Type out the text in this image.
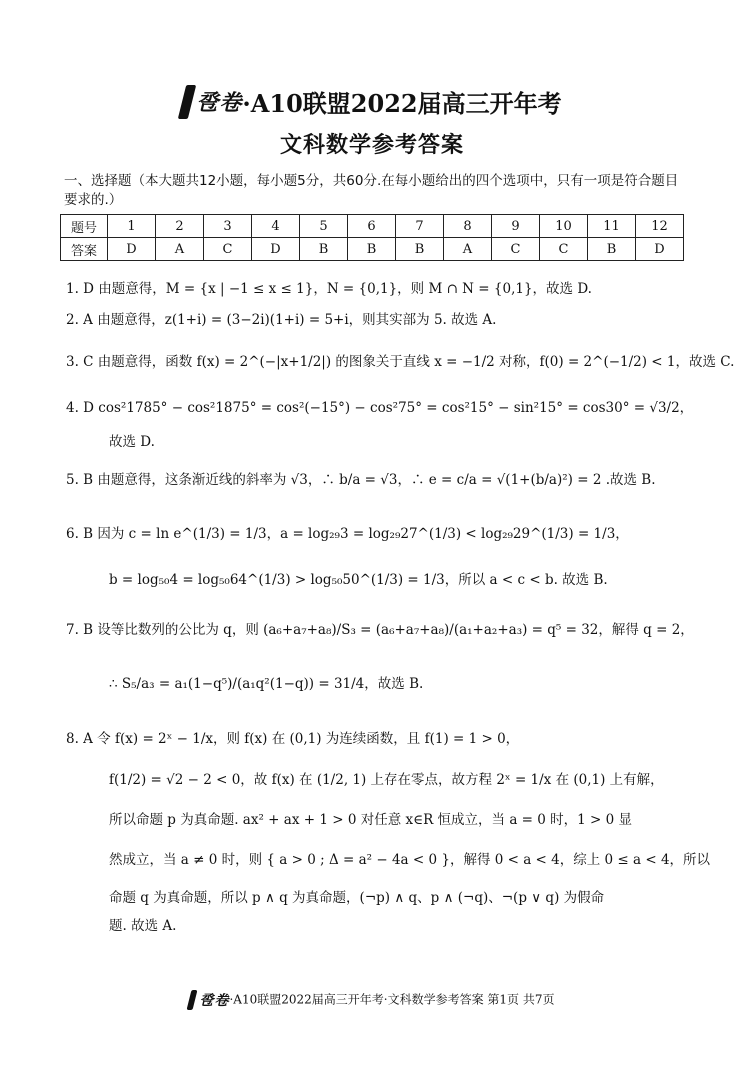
卺卷 ·A10联盟2022届高三开年考
文科数学参考答案
一、选择题（本大题共12小题，每小题5分，共60分.在每小题给出的四个选项中，只有一项是符合题目要求的.）
题号	1	2	3	4	5	6	7	8	9	10	11	12
答案	D	A	C	D	B	B	B	A	C	C	B	D
1. D 由题意得，M = {x | −1 ≤ x ≤ 1}，N = {0,1}，则 M ∩ N = {0,1}，故选 D.
2. A 由题意得，z(1+i) = (3−2i)(1+i) = 5+i，则其实部为 5. 故选 A.
3. C 由题意得，函数 f(x) = 2^(−|x+1/2|) 的图象关于直线 x = −1/2 对称，f(0) = 2^(−1/2) < 1，故选 C.
4. D cos²1785° − cos²1875° = cos²(−15°) − cos²75° = cos²15° − sin²15° = cos30° = √3/2，
故选 D.
5. B 由题意得，这条渐近线的斜率为 √3，∴ b/a = √3，∴ e = c/a = √(1+(b/a)²) = 2 .故选 B.
6. B 因为 c = ln e^(1/3) = 1/3，a = log₂₉3 = log₂₉27^(1/3) < log₂₉29^(1/3) = 1/3，
b = log₅₀4 = log₅₀64^(1/3) > log₅₀50^(1/3) = 1/3，所以 a < c < b. 故选 B.
7. B 设等比数列的公比为 q，则 (a₆+a₇+a₈)/S₃ = (a₆+a₇+a₈)/(a₁+a₂+a₃) = q⁵ = 32，解得 q = 2，
∴ S₅/a₃ = a₁(1−q⁵)/(a₁q²(1−q)) = 31/4，故选 B.
8. A 令 f(x) = 2ˣ − 1/x，则 f(x) 在 (0,1) 为连续函数，且 f(1) = 1 > 0，
f(1/2) = √2 − 2 < 0，故 f(x) 在 (1/2, 1) 上存在零点，故方程 2ˣ = 1/x 在 (0,1) 上有解，
所以命题 p 为真命题. ax² + ax + 1 > 0 对任意 x∈R 恒成立，当 a = 0 时，1 > 0 显
然成立，当 a ≠ 0 时，则 { a > 0 ; Δ = a² − 4a < 0 }，解得 0 < a < 4，综上 0 ≤ a < 4，所以
命题 q 为真命题，所以 p ∧ q 为真命题，(¬p) ∧ q、p ∧ (¬q)、¬(p ∨ q) 为假命
题. 故选 A.
卺卷 ·A10联盟2022届高三开年考·文科数学参考答案 第1页 共7页
